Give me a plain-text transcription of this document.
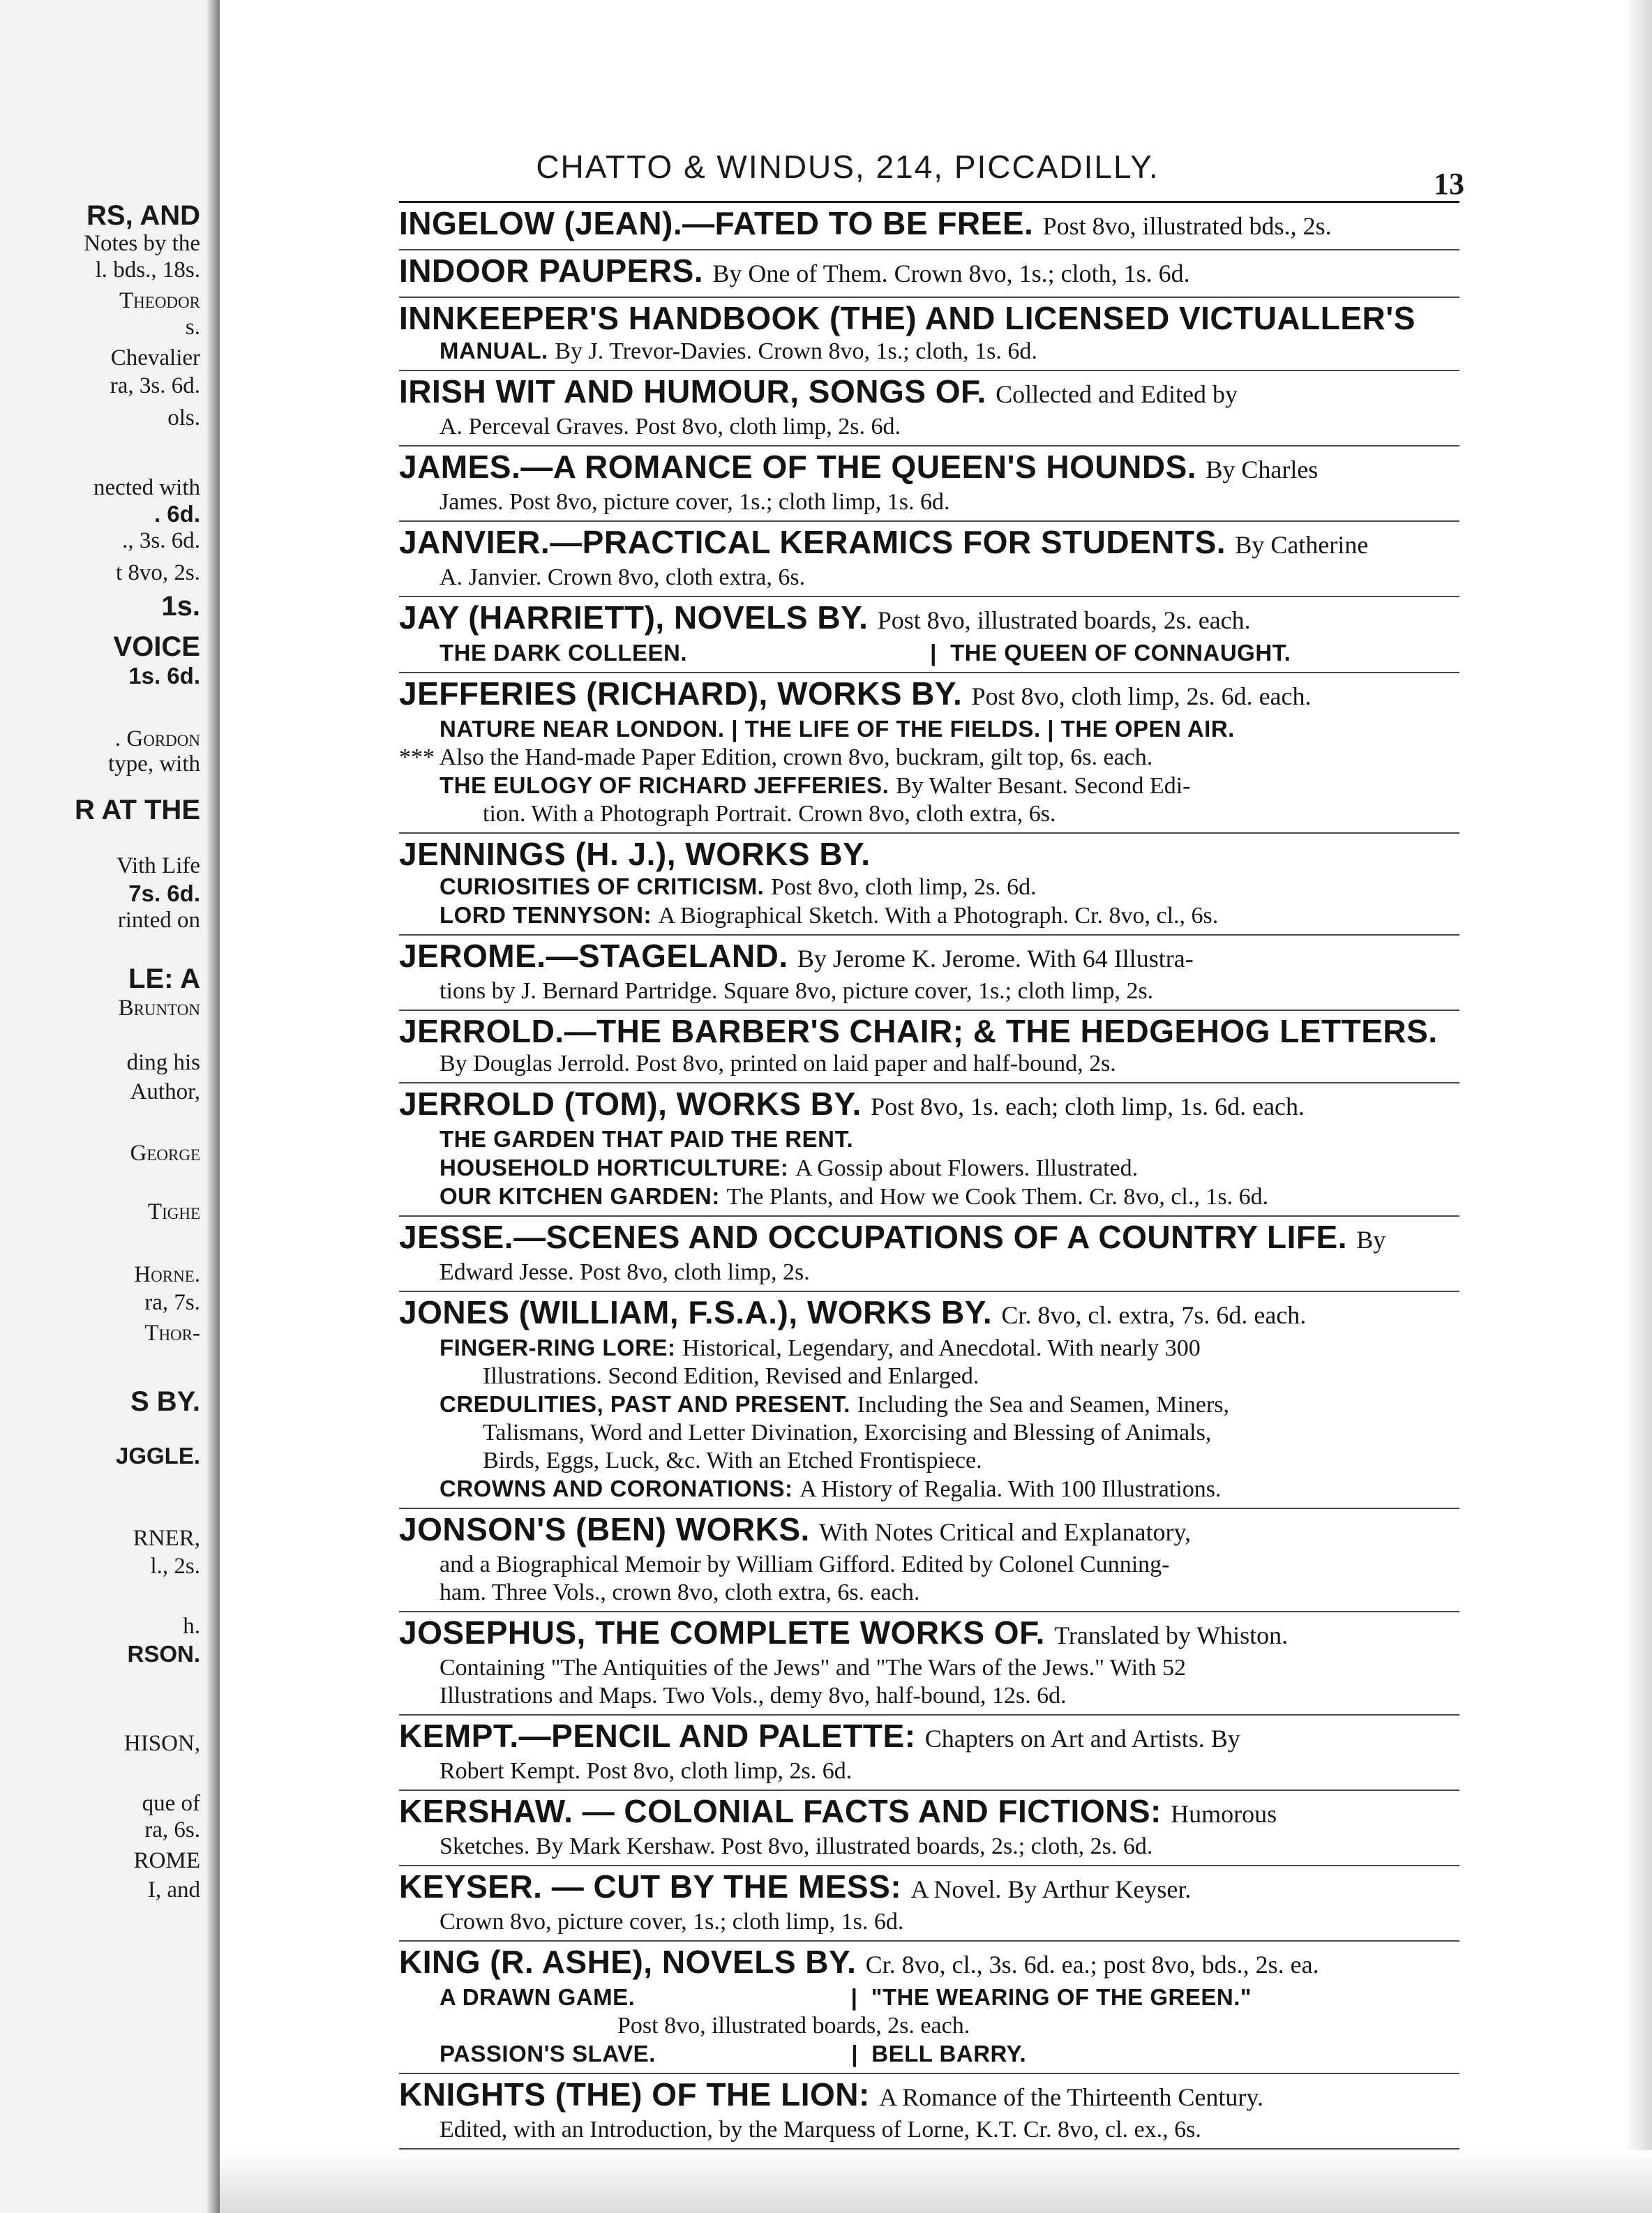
RS, AND
Notes by the
l. bds., 18s.
Theodor
s.
Chevalier
ra, 3s. 6d.
ols.
nected with
. 6d.
., 3s. 6d.
t 8vo, 2s.
1s.
VOICE
1s. 6d.
. Gordon
type, with
R AT THE
Vith Life
7s. 6d.
rinted on
LE: A
Brunton
ding his
Author,
George
Tighe
Horne.
ra, 7s.
Thor-
S BY.
JGGLE.
RNER,
l., 2s.
h.
RSON.
HISON,
que of
ra, 6s.
ROME
I, and
CHATTO & WINDUS, 214, PICCADILLY.	13
INGELOW (JEAN).—FATED TO BE FREE. Post 8vo, illustrated bds., 2s.
INDOOR PAUPERS. By One of Them. Crown 8vo, 1s.; cloth, 1s. 6d.
INNKEEPER'S HANDBOOK (THE) AND LICENSED VICTUALLER'S
MANUAL. By J. Trevor-Davies. Crown 8vo, 1s.; cloth, 1s. 6d.
IRISH WIT AND HUMOUR, SONGS OF. Collected and Edited by
A. Perceval Graves. Post 8vo, cloth limp, 2s. 6d.
JAMES.—A ROMANCE OF THE QUEEN'S HOUNDS. By Charles
James. Post 8vo, picture cover, 1s.; cloth limp, 1s. 6d.
JANVIER.—PRACTICAL KERAMICS FOR STUDENTS. By Catherine
A. Janvier. Crown 8vo, cloth extra, 6s.
JAY (HARRIETT), NOVELS BY. Post 8vo, illustrated boards, 2s. each.
THE DARK COLLEEN.                                    |  THE QUEEN OF CONNAUGHT.
JEFFERIES (RICHARD), WORKS BY. Post 8vo, cloth limp, 2s. 6d. each.
NATURE NEAR LONDON. | THE LIFE OF THE FIELDS. | THE OPEN AIR.
*** Also the Hand-made Paper Edition, crown 8vo, buckram, gilt top, 6s. each.
THE EULOGY OF RICHARD JEFFERIES. By Walter Besant. Second Edi-
tion. With a Photograph Portrait. Crown 8vo, cloth extra, 6s.
JENNINGS (H. J.), WORKS BY.
CURIOSITIES OF CRITICISM. Post 8vo, cloth limp, 2s. 6d.
LORD TENNYSON: A Biographical Sketch. With a Photograph. Cr. 8vo, cl., 6s.
JEROME.—STAGELAND. By Jerome K. Jerome. With 64 Illustra-
tions by J. Bernard Partridge. Square 8vo, picture cover, 1s.; cloth limp, 2s.
JERROLD.—THE BARBER'S CHAIR; & THE HEDGEHOG LETTERS.
By Douglas Jerrold. Post 8vo, printed on laid paper and half-bound, 2s.
JERROLD (TOM), WORKS BY. Post 8vo, 1s. each; cloth limp, 1s. 6d. each.
THE GARDEN THAT PAID THE RENT.
HOUSEHOLD HORTICULTURE: A Gossip about Flowers. Illustrated.
OUR KITCHEN GARDEN: The Plants, and How we Cook Them. Cr. 8vo, cl., 1s. 6d.
JESSE.—SCENES AND OCCUPATIONS OF A COUNTRY LIFE. By
Edward Jesse. Post 8vo, cloth limp, 2s.
JONES (WILLIAM, F.S.A.), WORKS BY. Cr. 8vo, cl. extra, 7s. 6d. each.
FINGER-RING LORE: Historical, Legendary, and Anecdotal. With nearly 300
Illustrations. Second Edition, Revised and Enlarged.
CREDULITIES, PAST AND PRESENT. Including the Sea and Seamen, Miners,
Talismans, Word and Letter Divination, Exorcising and Blessing of Animals,
Birds, Eggs, Luck, &c. With an Etched Frontispiece.
CROWNS AND CORONATIONS: A History of Regalia. With 100 Illustrations.
JONSON'S (BEN) WORKS. With Notes Critical and Explanatory,
and a Biographical Memoir by William Gifford. Edited by Colonel Cunning-
ham. Three Vols., crown 8vo, cloth extra, 6s. each.
JOSEPHUS, THE COMPLETE WORKS OF. Translated by Whiston.
Containing "The Antiquities of the Jews" and "The Wars of the Jews." With 52
Illustrations and Maps. Two Vols., demy 8vo, half-bound, 12s. 6d.
KEMPT.—PENCIL AND PALETTE: Chapters on Art and Artists. By
Robert Kempt. Post 8vo, cloth limp, 2s. 6d.
KERSHAW. — COLONIAL FACTS AND FICTIONS: Humorous
Sketches. By Mark Kershaw. Post 8vo, illustrated boards, 2s.; cloth, 2s. 6d.
KEYSER. — CUT BY THE MESS: A Novel. By Arthur Keyser.
Crown 8vo, picture cover, 1s.; cloth limp, 1s. 6d.
KING (R. ASHE), NOVELS BY. Cr. 8vo, cl., 3s. 6d. ea.; post 8vo, bds., 2s. ea.
A DRAWN GAME.                                |  "THE WEARING OF THE GREEN."
Post 8vo, illustrated boards, 2s. each.
PASSION'S SLAVE.                             |  BELL BARRY.
KNIGHTS (THE) OF THE LION: A Romance of the Thirteenth Century.
Edited, with an Introduction, by the Marquess of Lorne, K.T. Cr. 8vo, cl. ex., 6s.
